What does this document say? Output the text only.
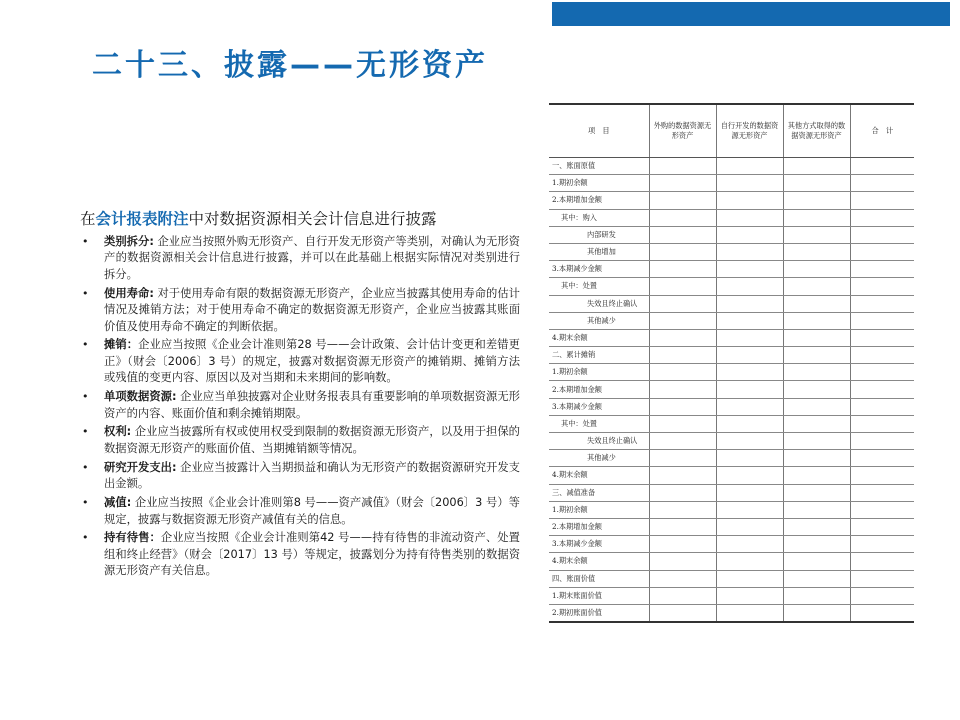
二十三、披露——无形资产

在会计报表附注中对数据资源相关会计信息进行披露

• 类别拆分: 企业应当按照外购无形资产、自行开发无形资产等类别，对确认为无形资产的数据资源相关会计信息进行披露，并可以在此基础上根据实际情况对类别进行拆分。
• 使用寿命: 对于使用寿命有限的数据资源无形资产，企业应当披露其使用寿命的估计情况及摊销方法；对于使用寿命不确定的数据资源无形资产，企业应当披露其账面价值及使用寿命不确定的判断依据。
• 摊销：企业应当按照《企业会计准则第28 号——会计政策、会计估计变更和差错更正》（财会〔2006〕3 号）的规定，披露对数据资源无形资产的摊销期、摊销方法或残值的变更内容、原因以及对当期和未来期间的影响数。
• 单项数据资源: 企业应当单独披露对企业财务报表具有重要影响的单项数据资源无形资产的内容、账面价值和剩余摊销期限。
• 权利: 企业应当披露所有权或使用权受到限制的数据资源无形资产，以及用于担保的数据资源无形资产的账面价值、当期摊销额等情况。
• 研究开发支出: 企业应当披露计入当期损益和确认为无形资产的数据资源研究开发支出金额。
• 减值: 企业应当按照《企业会计准则第8 号——资产减值》（财会〔2006〕3 号）等规定，披露与数据资源无形资产减值有关的信息。
• 持有待售：企业应当按照《企业会计准则第42 号——持有待售的非流动资产、处置组和终止经营》（财会〔2017〕13 号）等规定，披露划分为持有待售类别的数据资源无形资产有关信息。
项　目	外购的数据资源无形资产	自行开发的数据资源无形资产	其他方式取得的数据资源无形资产	合　计
一、账面原值				
1.期初余额				
2.本期增加金额				
其中：购入				
内部研发				
其他增加				
3.本期减少金额				
其中：处置				
失效且终止确认				
其他减少				
4.期末余额				
二、累计摊销				
1.期初余额				
2.本期增加金额				
3.本期减少金额				
其中：处置				
失效且终止确认				
其他减少				
4.期末余额				
三、减值准备				
1.期初余额				
2.本期增加金额				
3.本期减少金额				
4.期末余额				
四、账面价值				
1.期末账面价值				
2.期初账面价值				
